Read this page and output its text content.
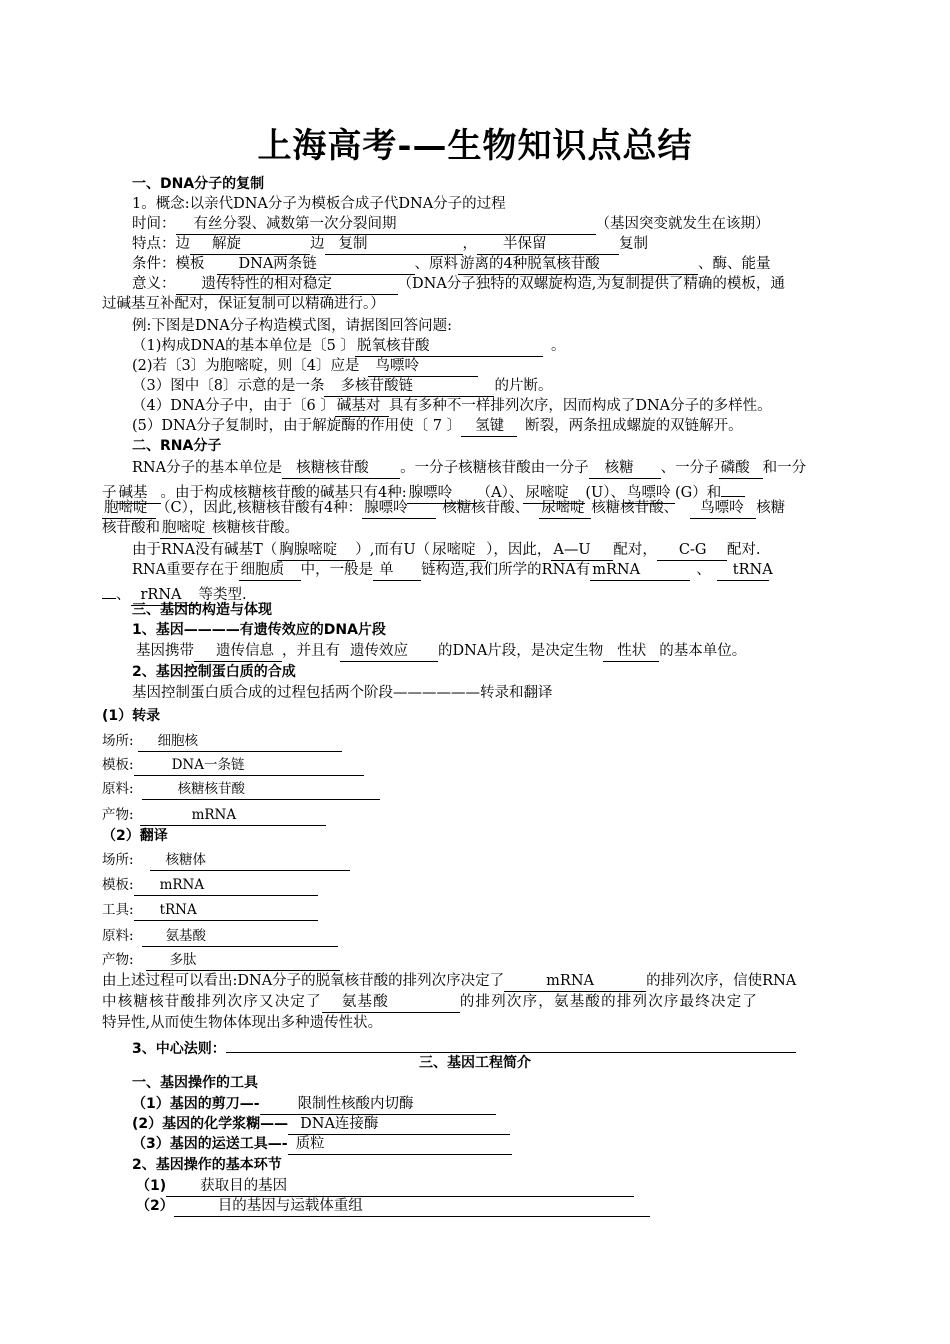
上海高考-—生物知识点总结
一、DNA分子的复制
1。概念:以亲代DNA分子为模板合成子代DNA分子的过程
时间： 有丝分裂、减数第一次分裂间期	（基因突变就发生在该期）
特点：边 解旋	边 复制	， 半保留	复制
条件：模板 DNA两条链	、原料 游离的4种脱氧核苷酸	、酶、能量
意义： 遗传特性的相对稳定	（DNA分子独特的双螺旋构造,为复制提供了精确的模板，通
过碱基互补配对，保证复制可以精确进行。）
例:下图是DNA分子构造模式图，请据图回答问题:
（1)构成DNA的基本单位是〔5 〕 脱氧核苷酸	。
(2)若〔3〕为胞嘧啶，则〔4〕应是 鸟嘌呤
（3）图中〔8〕示意的是一条 多核苷酸链	的片断。
（4）DNA分子中，由于〔6 〕 碱基对 具有多种不一样排列次序，因而构成了DNA分子的多样性。
(5）DNA分子复制时，由于解旋酶的作用使〔 7 〕 氢键 断裂，两条扭成螺旋的双链解开。
二、RNA分子
RNA分子的基本单位是 核糖核苷酸 。一分子核糖核苷酸由一分子 核糖 、一分子 磷酸 和一分
子 碱基 。由于构成核糖核苷酸的碱基只有4种: 腺嘌呤 （A）、 尿嘧啶 (U）、 鸟嘌呤 (G）和
胞嘧啶 （C），因此,核糖核苷酸有4种： 腺嘌呤 核糖核苷酸、 尿嘧啶 核糖核苷酸、 鸟嘌呤 核糖
核苷酸和 胞嘧啶 核糖核苷酸。
由于RNA没有碱基T（ 胸腺嘧啶 ）,而有U（ 尿嘧啶 ），因此， A—U 配对， C-G 配对.
RNA重要存在于 细胞质 中，一般是 单 链构造,我们所学的RNA有 mRNA	、 tRNA
、 rRNA 等类型.
三、基因的构造与体现
1、基因————有遗传效应的DNA片段
基因携带 遗传信息 ，并且有 遗传效应 的DNA片段，是决定生物 性状 的基本单位。
2、基因控制蛋白质的合成
基因控制蛋白质合成的过程包括两个阶段——————转录和翻译
(1）转录
场所: 细胞核
模板:	DNA一条链
原料:	核糖核苷酸
产物:	mRNA
（2）翻译
场所: 核糖体
模板: mRNA
工具: tRNA
原料: 氨基酸
产物:	多肽
由上述过程可以看出:DNA分子的脱氧核苷酸的排列次序决定了	mRNA	的排列次序，信使RNA
中核糖核苷酸排列次序又决定了 氨基酸	的排列次序，氨基酸的排列次序最终决定了
特异性,从而使生物体体现出多种遗传性状。
3、中心法则：
三、基因工程简介
一、基因操作的工具
（1）基因的剪刀—-	限制性核酸内切酶
(2）基因的化学浆糊—— DNA连接酶
（3）基因的运送工具—- 质粒
2、基因操作的基本环节
（1) 获取目的基因
（2）	目的基因与运载体重组
